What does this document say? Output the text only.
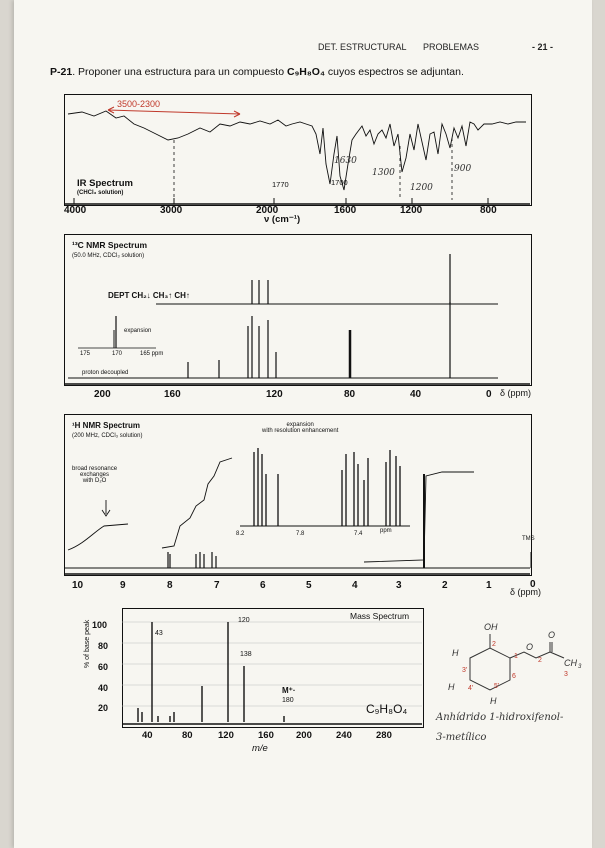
DET. ESTRUCTURAL PROBLEMAS	- 21 -
P-21. Proponer una estructura para un compuesto C₉H₈O₄ cuyos espectros se adjuntan.
3500-2300
IR Spectrum
(CHCl₃ solution)
1770	1700
1630
1300
1200
900
4000	3000	2000	1600	1200	800
ν (cm⁻¹)
¹³C NMR Spectrum
(50.0 MHz, CDCl₃ solution)
DEPT CH₂↓ CH₃↑ CH↑
expansion
175	170	165 ppm
proton decoupled
200	160	120	80	40	0 δ (ppm)
¹H NMR Spectrum
(200 MHz, CDCl₃ solution)
expansion
with resolution enhancement
broad resonance
exchanges
with D₂O
8.2	7.8	7.4	ppm
TMS
10	9	8	7	6	5	4	3	2	1	0
δ (ppm)
Mass Spectrum
% of base peak 100
80
60
40
20
43
120
138
M⁺·
180
C₉H₈O₄
40	80	120	160 200	240	280
m/e
OH
H
H
H
O
O
CH 3
2
3'
4'	5'
6
1
2
3
Anhídrido 1-hidroxifenol-
3-metílico
